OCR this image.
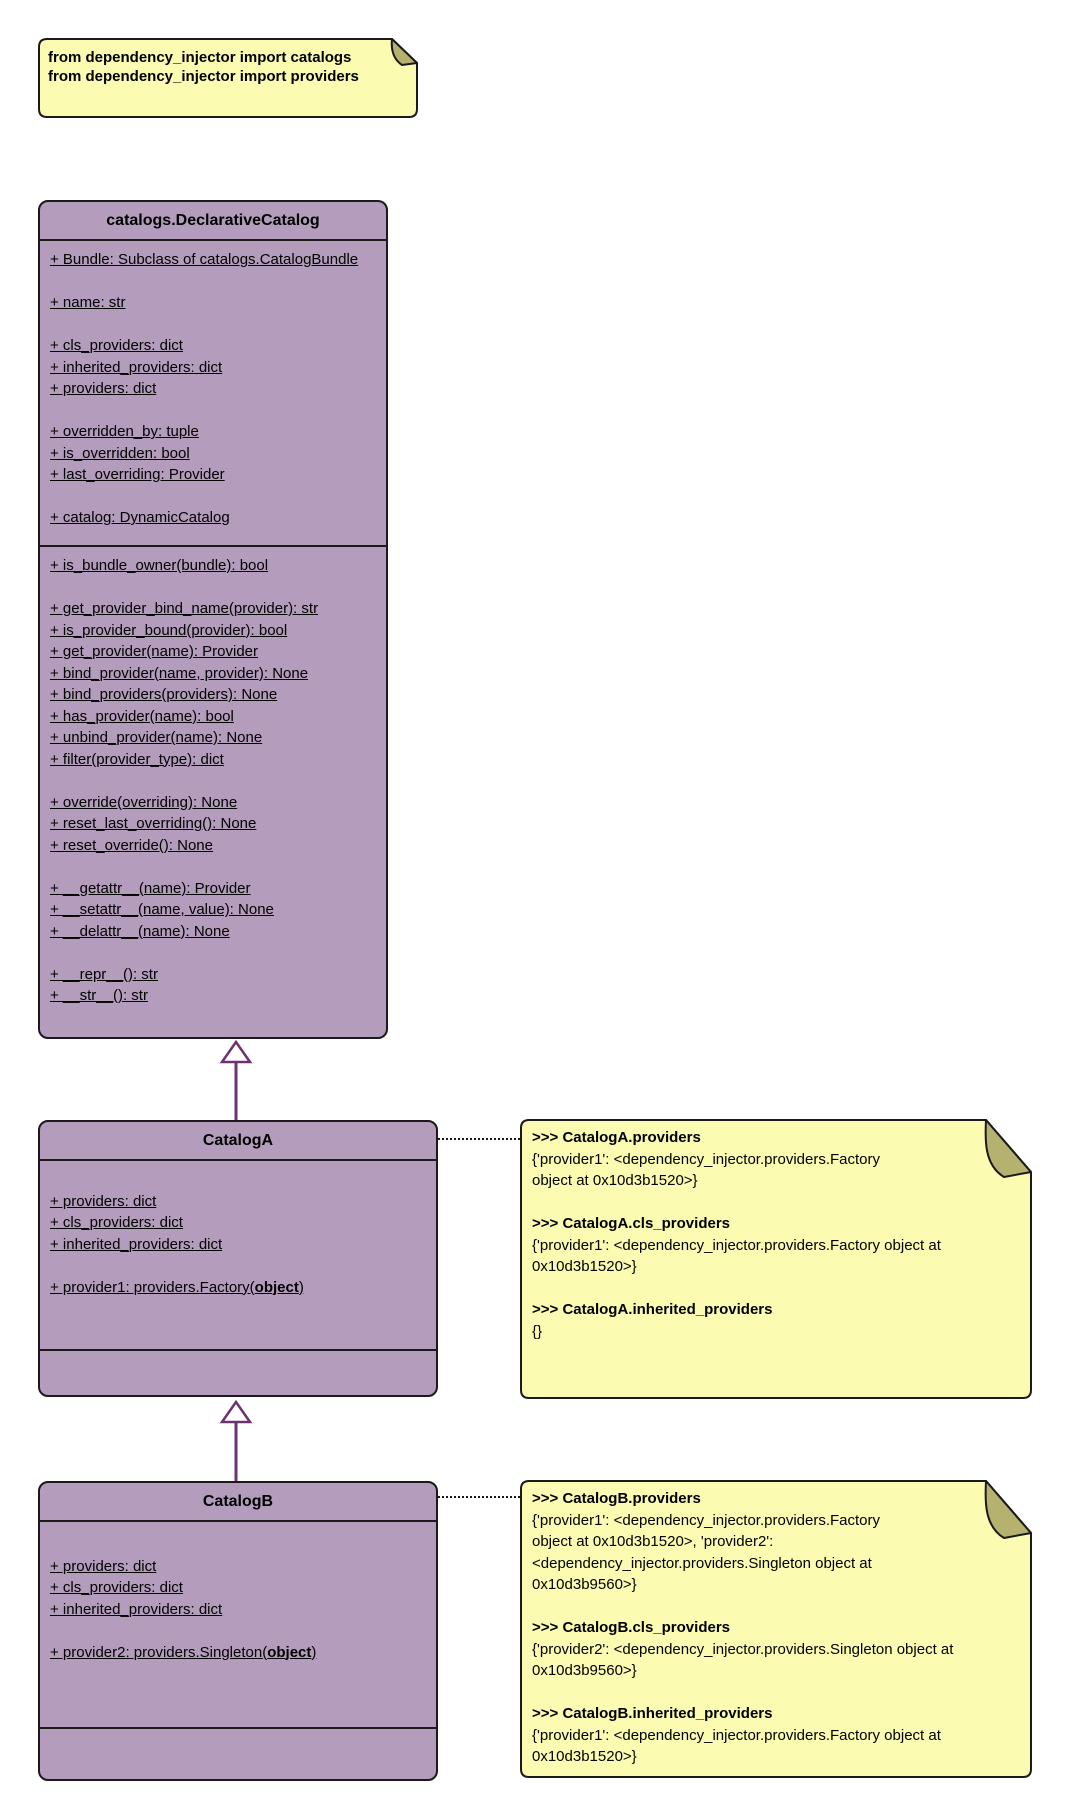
from dependency_injector import catalogs
from dependency_injector import providers
catalogs.DeclarativeCatalog
+ Bundle: Subclass of catalogs.CatalogBundle

+ name: str

+ cls_providers: dict
+ inherited_providers: dict
+ providers: dict

+ overridden_by: tuple
+ is_overridden: bool
+ last_overriding: Provider

+ catalog: DynamicCatalog
+ is_bundle_owner(bundle): bool

+ get_provider_bind_name(provider): str
+ is_provider_bound(provider): bool
+ get_provider(name): Provider
+ bind_provider(name, provider): None
+ bind_providers(providers): None
+ has_provider(name): bool
+ unbind_provider(name): None
+ filter(provider_type): dict

+ override(overriding): None
+ reset_last_overriding(): None
+ reset_override(): None

+ __getattr__(name): Provider
+ __setattr__(name, value): None
+ __delattr__(name): None

+ __repr__(): str
+ __str__(): str
CatalogA

+ providers: dict
+ cls_providers: dict
+ inherited_providers: dict

+ provider1: providers.Factory(object)
>>> CatalogA.providers
{'provider1': <dependency_injector.providers.Factory
object at 0x10d3b1520>}

>>> CatalogA.cls_providers
{'provider1': <dependency_injector.providers.Factory object at
0x10d3b1520>}

>>> CatalogA.inherited_providers
{}
CatalogB

+ providers: dict
+ cls_providers: dict
+ inherited_providers: dict

+ provider2: providers.Singleton(object)
>>> CatalogB.providers
{'provider1': <dependency_injector.providers.Factory
object at 0x10d3b1520>, 'provider2':
<dependency_injector.providers.Singleton object at
0x10d3b9560>}

>>> CatalogB.cls_providers
{'provider2': <dependency_injector.providers.Singleton object at
0x10d3b9560>}

>>> CatalogB.inherited_providers
{'provider1': <dependency_injector.providers.Factory object at
0x10d3b1520>}
